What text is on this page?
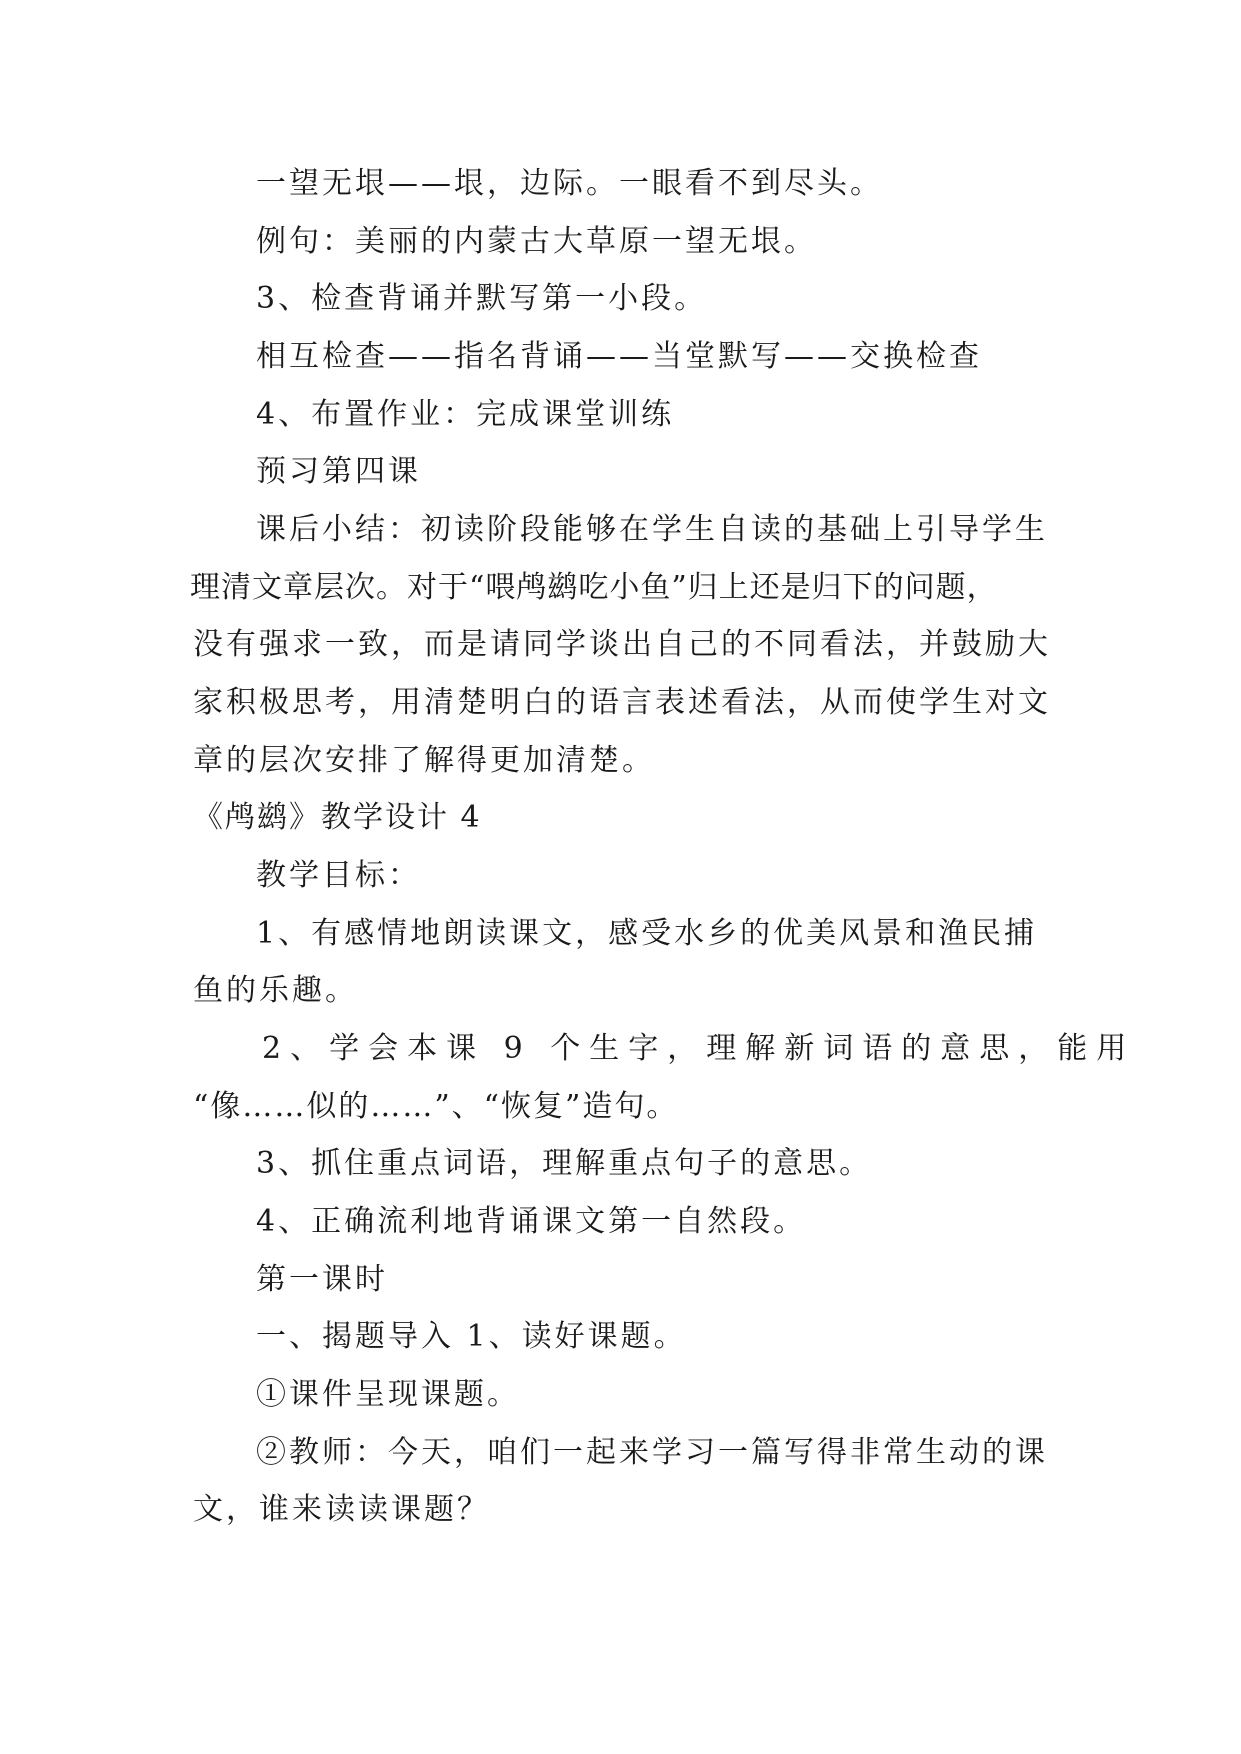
一望无垠——垠，边际。一眼看不到尽头。
例句：美丽的内蒙古大草原一望无垠。
3、检查背诵并默写第一小段。
相互检查——指名背诵——当堂默写——交换检查
4、布置作业：完成课堂训练
预习第四课
课后小结：初读阶段能够在学生自读的基础上引导学生
理清文章层次。对于“喂鸬鹚吃小鱼”归上还是归下的问题，
没有强求一致，而是请同学谈出自己的不同看法，并鼓励大
家积极思考，用清楚明白的语言表述看法，从而使学生对文
章的层次安排了解得更加清楚。
《鸬鹚》教学设计 4
教学目标：
1、有感情地朗读课文，感受水乡的优美风景和渔民捕
鱼的乐趣。
2、学会本课 9 个生字，理解新词语的意思，能用
“像……似的……”、“恢复”造句。
3、抓住重点词语，理解重点句子的意思。
4、正确流利地背诵课文第一自然段。
第一课时
一、揭题导入 1、读好课题。
①课件呈现课题。
②教师：今天，咱们一起来学习一篇写得非常生动的课
文，谁来读读课题？
